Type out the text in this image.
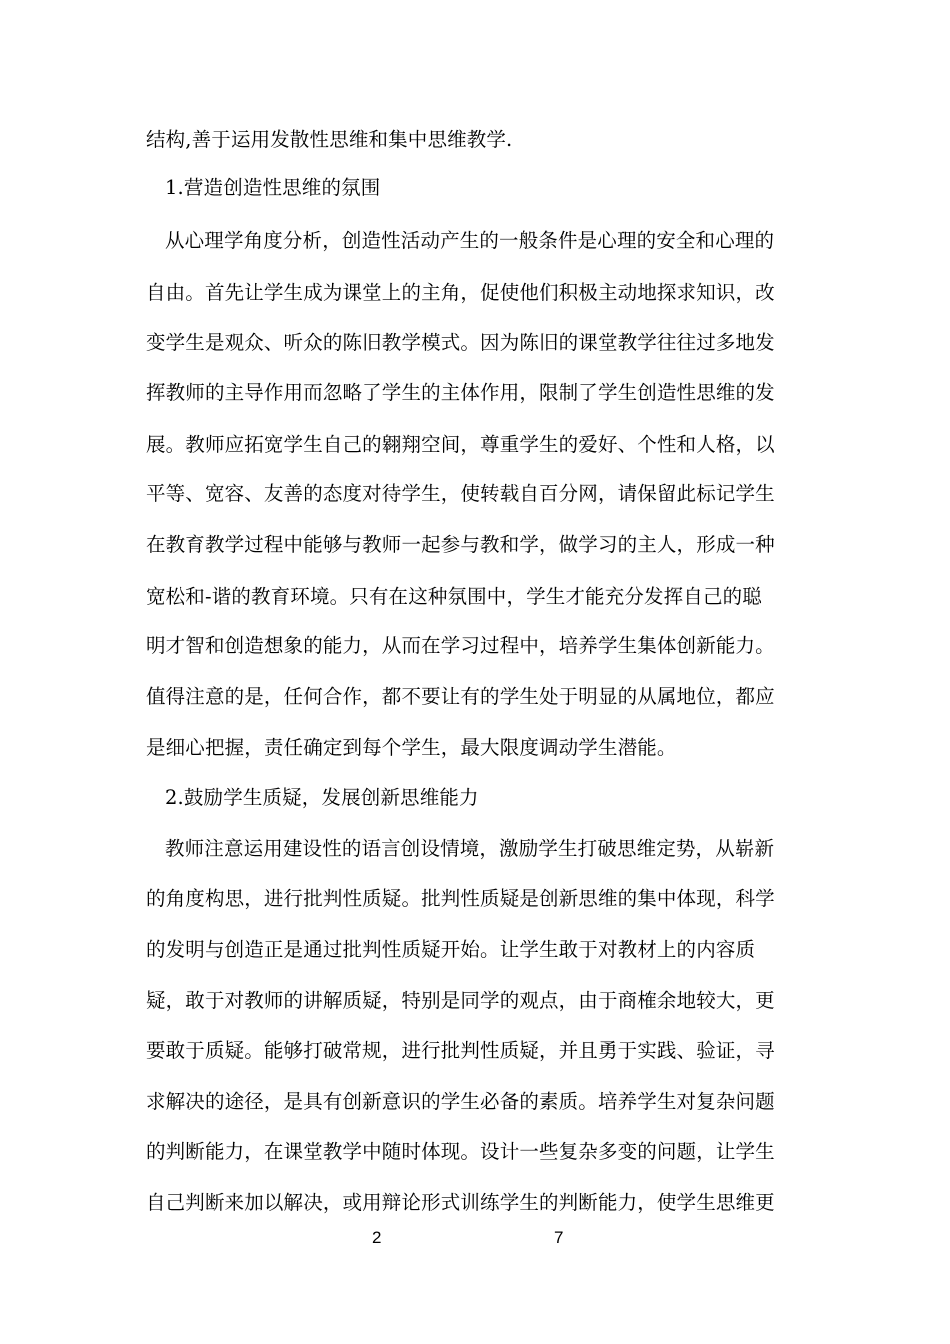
结构,善于运用发散性思维和集中思维教学.
1.营造创造性思维的氛围
从心理学角度分析，创造性活动产生的一般条件是心理的安全和心理的
自由。首先让学生成为课堂上的主角，促使他们积极主动地探求知识，改
变学生是观众、听众的陈旧教学模式。因为陈旧的课堂教学往往过多地发
挥教师的主导作用而忽略了学生的主体作用，限制了学生创造性思维的发
展。教师应拓宽学生自己的翱翔空间，尊重学生的爱好、个性和人格，以
平等、宽容、友善的态度对待学生，使转载自百分网，请保留此标记学生
在教育教学过程中能够与教师一起参与教和学，做学习的主人，形成一种
宽松和-谐的教育环境。只有在这种氛围中，学生才能充分发挥自己的聪
明才智和创造想象的能力，从而在学习过程中，培养学生集体创新能力。
值得注意的是，任何合作，都不要让有的学生处于明显的从属地位，都应
是细心把握，责任确定到每个学生，最大限度调动学生潜能。
2.鼓励学生质疑，发展创新思维能力
教师注意运用建设性的语言创设情境，激励学生打破思维定势，从崭新
的角度构思，进行批判性质疑。批判性质疑是创新思维的集中体现，科学
的发明与创造正是通过批判性质疑开始。让学生敢于对教材上的内容质
疑，敢于对教师的讲解质疑，特别是同学的观点，由于商榷余地较大，更
要敢于质疑。能够打破常规，进行批判性质疑，并且勇于实践、验证，寻
求解决的途径，是具有创新意识的学生必备的素质。培养学生对复杂问题
的判断能力，在课堂教学中随时体现。设计一些复杂多变的问题，让学生
自己判断来加以解决，或用辩论形式训练学生的判断能力，使学生思维更
2	7
